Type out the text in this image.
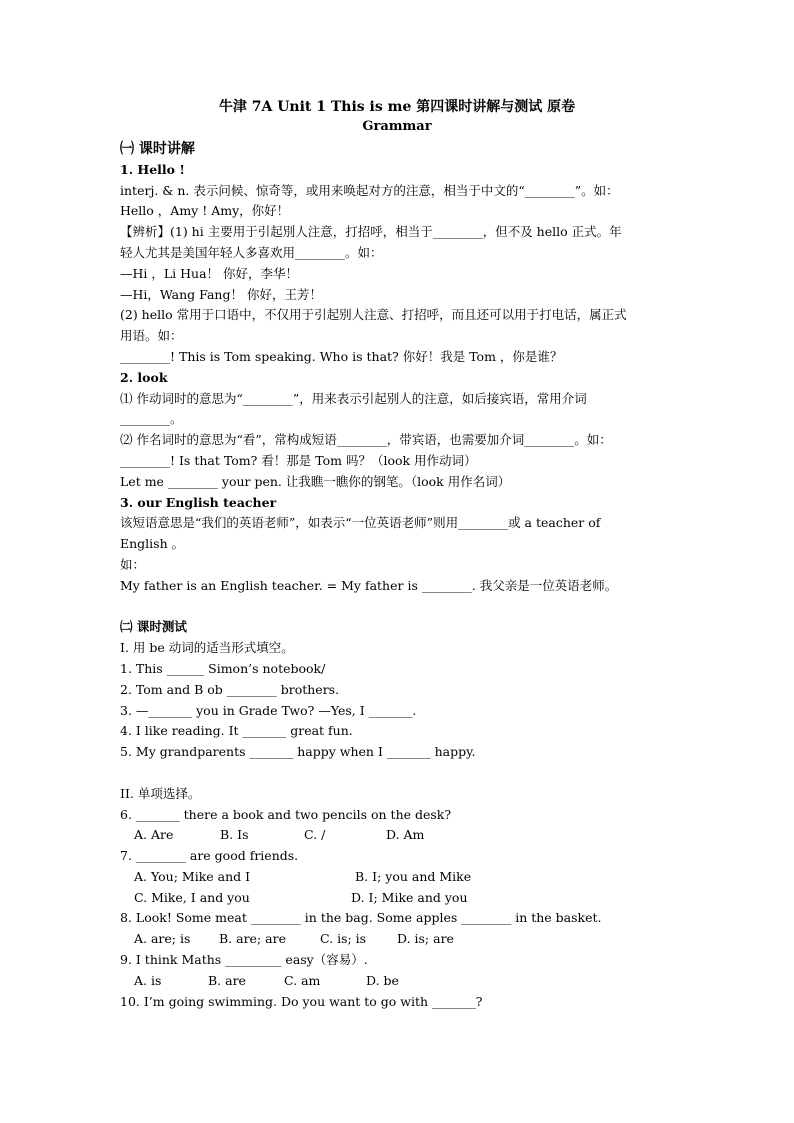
牛津 7A Unit 1 This is me 第四课时讲解与测试 原卷
Grammar
㈠ 课时讲解
1. Hello !
interj. & n. 表示问候、惊奇等，或用来唤起对方的注意，相当于中文的“________”。如：
Hello ，Amy ! Amy，你好！
【辨析】(1) hi 主要用于引起別人注意，打招呼，相当于________，但不及 hello 正式。年
轻人尤其是美国年轻人多喜欢用________。如：
—Hi ，Li Hua！ 你好，李华！
—Hi，Wang Fang！ 你好，王芳！
(2) hello 常用于口语中，不仅用于引起别人注意、打招呼，而且还可以用于打电话，属正式
用语。如：
________! This is Tom speaking. Who is that? 你好！我是 Tom ，你是谁？
2. look
⑴ 作动词时的意思为“________”，用来表示引起别人的注意，如后接宾语，常用介词
________。
⑵ 作名词时的意思为“看”，常构成短语________，带宾语，也需要加介词________。如：
________! Is that Tom? 看！那是 Tom 吗？（look 用作动词）
Let me ________ your pen. 让我瞧一瞧你的钢笔。（look 用作名词）
3. our English teacher
该短语意思是“我们的英语老师”，如表示“一位英语老师”则用________或 a teacher of
English 。
如：
My father is an English teacher. = My father is ________. 我父亲是一位英语老师。
㈡ 课时测试
I. 用 be 动词的适当形式填空。
1. This ______ Simon’s notebook/
2. Tom and B ob ________ brothers.
3. —_______ you in Grade Two? —Yes, I _______.
4. I like reading. It _______ great fun.
5. My grandparents _______ happy when I _______ happy.
II. 单项选择。
6. _______ there a book and two pencils on the desk?
A. Are	B. Is	C. /	D. Am
7. ________ are good friends.
A. You; Mike and I	B. I; you and Mike
C. Mike, I and you	D. I; Mike and you
8. Look! Some meat ________ in the bag. Some apples ________ in the basket.
A. are; is B. are; are	C. is; is D. is; are
9. I think Maths _________ easy（容易）.
A. is	B. are	C. am	D. be
10. I’m going swimming. Do you want to go with _______?
